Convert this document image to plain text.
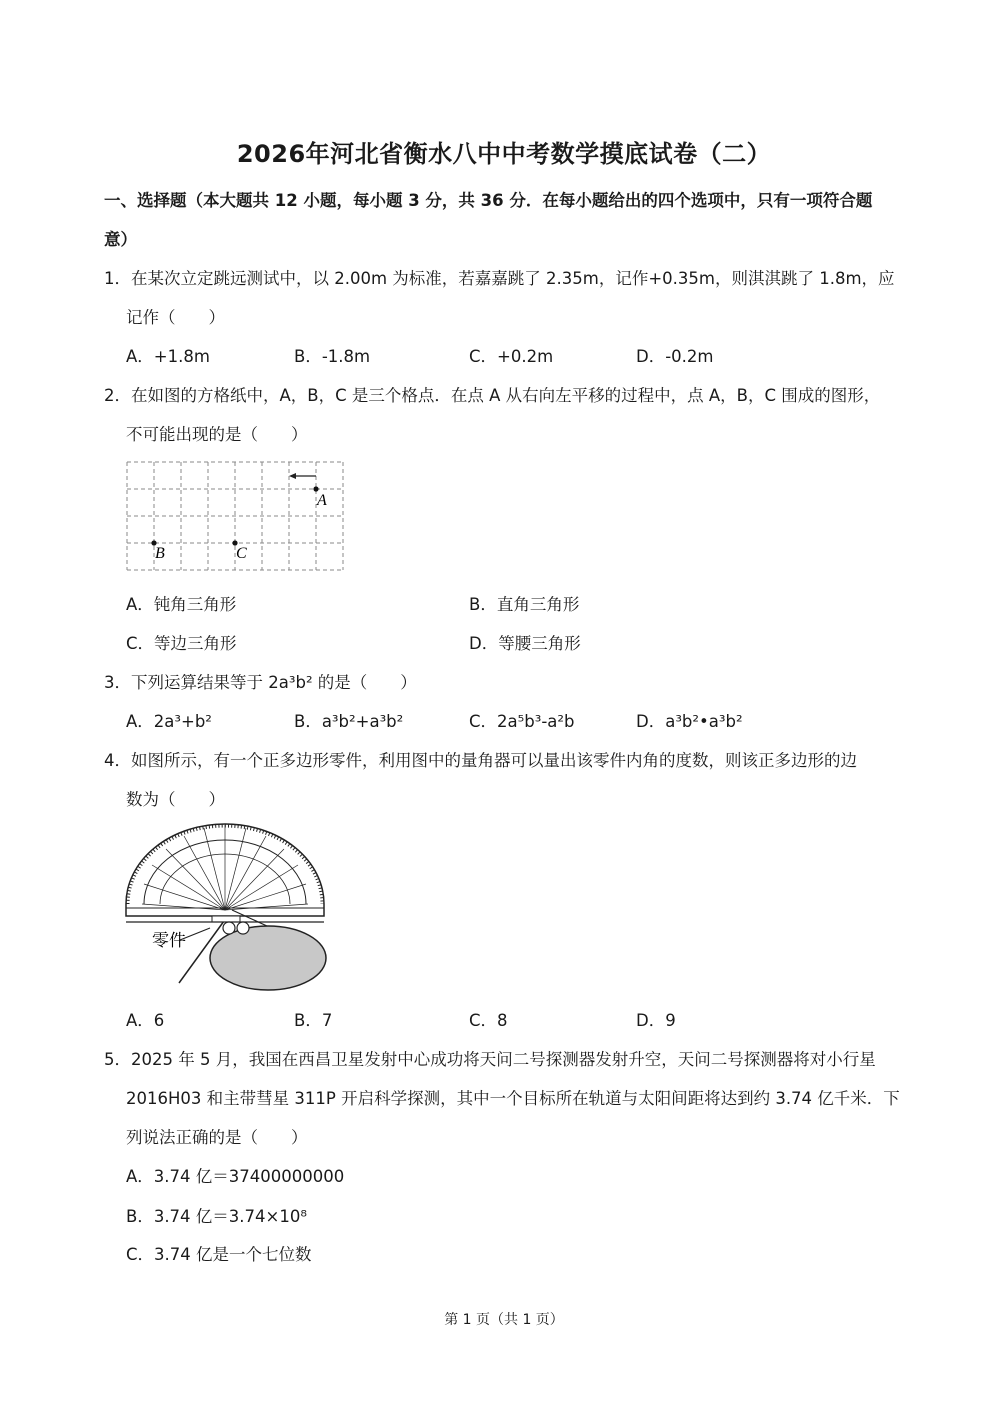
2026年河北省衡水八中中考数学摸底试卷（二）
一、选择题（本大题共 12 小题，每小题 3 分，共 36 分．在每小题给出的四个选项中，只有一项符合题
意）
1．在某次立定跳远测试中，以 2.00m 为标准，若嘉嘉跳了 2.35m，记作+0.35m，则淇淇跳了 1.8m，应
记作（　　）
A．+1.8m	B．-1.8m	C．+0.2m	D．-0.2m
2．在如图的方格纸中，A，B，C 是三个格点．在点 A 从右向左平移的过程中，点 A，B，C 围成的图形，
不可能出现的是（　　）
A
B	C
A．钝角三角形	B．直角三角形
C．等边三角形	D．等腰三角形
3．下列运算结果等于 2a³b² 的是（　　）
A．2a³+b²	B．a³b²+a³b²	C．2a⁵b³-a²b	D．a³b²•a³b²
4．如图所示，有一个正多边形零件，利用图中的量角器可以量出该零件内角的度数，则该正多边形的边
数为（　　）
零件
A．6	B．7	C．8	D．9
5．2025 年 5 月，我国在西昌卫星发射中心成功将天问二号探测器发射升空，天问二号探测器将对小行星
2016H03 和主带彗星 311P 开启科学探测，其中一个目标所在轨道与太阳间距将达到约 3.74 亿千米．下
列说法正确的是（　　）
A．3.74 亿＝37400000000
B．3.74 亿＝3.74×10⁸
C．3.74 亿是一个七位数
第 1 页（共 1 页）
